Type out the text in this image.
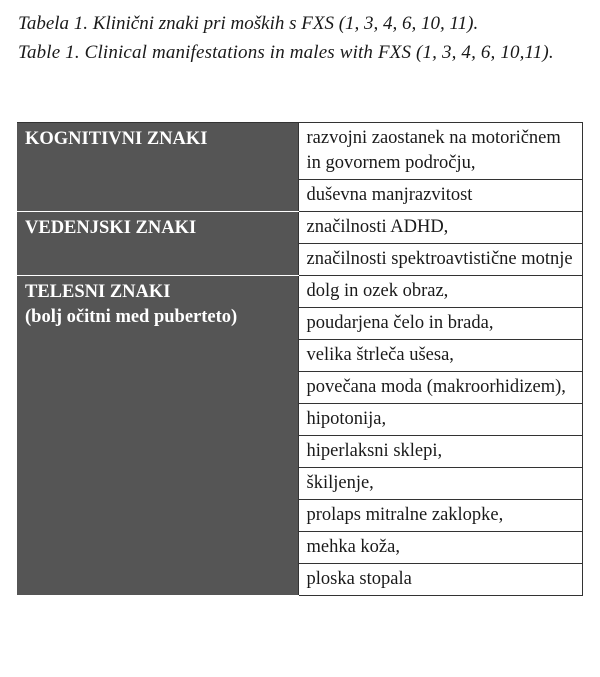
Tabela 1. Klinični znaki pri moških s FXS (1, 3, 4, 6, 10, 11).

Table 1. Clinical manifestations in males with FXS (1, 3, 4, 6, 10,11).

KOGNITIVNI ZNAKI	razvojni zaostanek na motoričnem in govornem področju,
	duševna manjrazvitost
VEDENJSKI ZNAKI	značilnosti ADHD,
	značilnosti spektroavtistične motnje

TELESNI ZNAKI
(bolj očitni med puberteto)	dolg in ozek obraz,
	poudarjena čelo in brada,
	velika štrleča ušesa,
	povečana moda (makroorhidizem),
	hipotonija,
	hiperlaksni sklepi,
	škiljenje,
	prolaps mitralne zaklopke,
	mehka koža,
	ploska stopala
